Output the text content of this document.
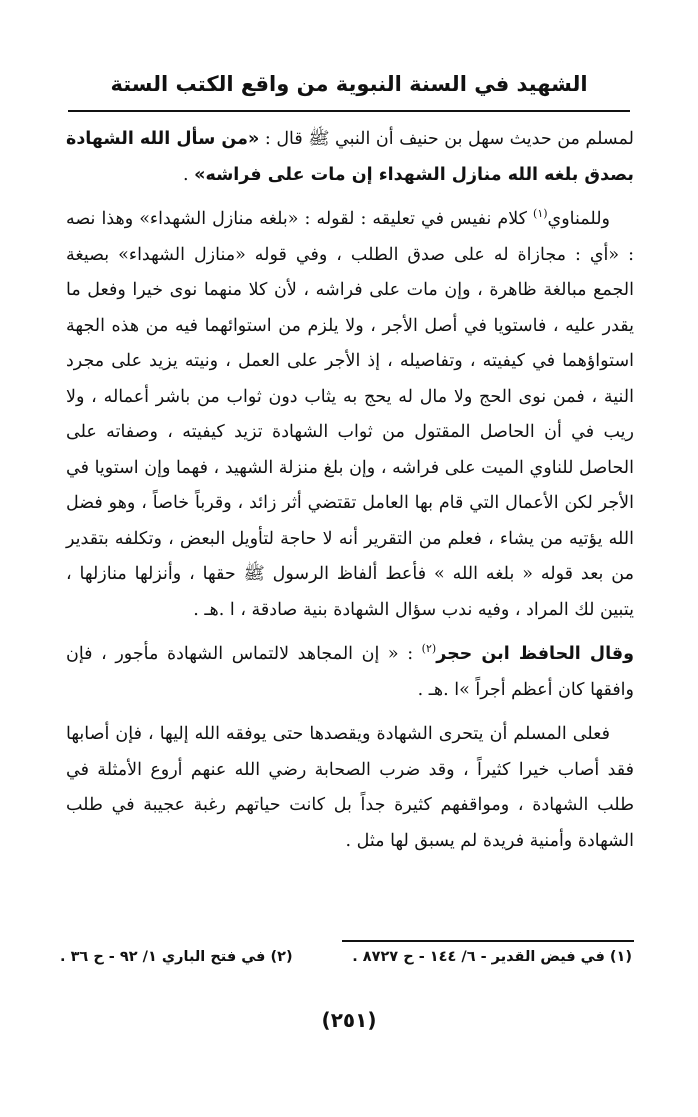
الشهيد في السنة النبوية من واقع الكتب الستة

لمسلم من حديث سهل بن حنيف أن النبي ﷺ قال : «من سأل الله الشهادة بصدق بلغه الله منازل الشهداء إن مات على فراشه» .

وللمناوي$^{(١)}$ كلام نفيس في تعليقه : لقوله : «بلغه منازل الشهداء» وهذا نصه : «أي : مجازاة له على صدق الطلب ، وفي قوله «منازل الشهداء» بصيغة الجمع مبالغة ظاهرة ، وإن مات على فراشه ، لأن كلا منهما نوى خيرا وفعل ما يقدر عليه ، فاستويا في أصل الأجر ، ولا يلزم من استوائهما فيه من هذه الجهة استواؤهما في كيفيته ، وتفاصيله ، إذ الأجر على العمل ، ونيته يزيد على مجرد النية ، فمن نوى الحج ولا مال له يحج به يثاب دون ثواب من باشر أعماله ، ولا ريب في أن الحاصل المقتول من ثواب الشهادة تزيد كيفيته ، وصفاته على الحاصل للناوي الميت على فراشه ، وإن بلغ منزلة الشهيد ، فهما وإن استويا في الأجر لكن الأعمال التي قام بها العامل تقتضي أثر زائد ، وقرباً خاصاً ، وهو فضل الله يؤتيه من يشاء ، فعلم من التقرير أنه لا حاجة لتأويل البعض ، وتكلفه بتقدير من بعد قوله « بلغه الله » فأعط ألفاظ الرسول ﷺ حقها ، وأنزلها منازلها ، يتبين لك المراد ، وفيه ندب سؤال الشهادة بنية صادقة ، ا .هـ .

وقال الحافظ ابن حجر$^{(٢)}$ : « إن المجاهد لالتماس الشهادة مأجور ، فإن وافقها كان أعظم أجراً »ا .هـ .

فعلى المسلم أن يتحرى الشهادة ويقصدها حتى يوفقه الله إليها ، فإن أصابها فقد أصاب خيرا كثيراً ، وقد ضرب الصحابة رضي الله عنهم أروع الأمثلة في طلب الشهادة ، ومواقفهم كثيرة جداً بل كانت حياتهم رغبة عجيبة في طلب الشهادة وأمنية فريدة لم يسبق لها مثل .

(١) في فيض القدير - ٦/ ١٤٤ - ح ٨٧٢٧ .
(٢) في فتح الباري ١/ ٩٢ - ح ٣٦ .
(٢٥١)
